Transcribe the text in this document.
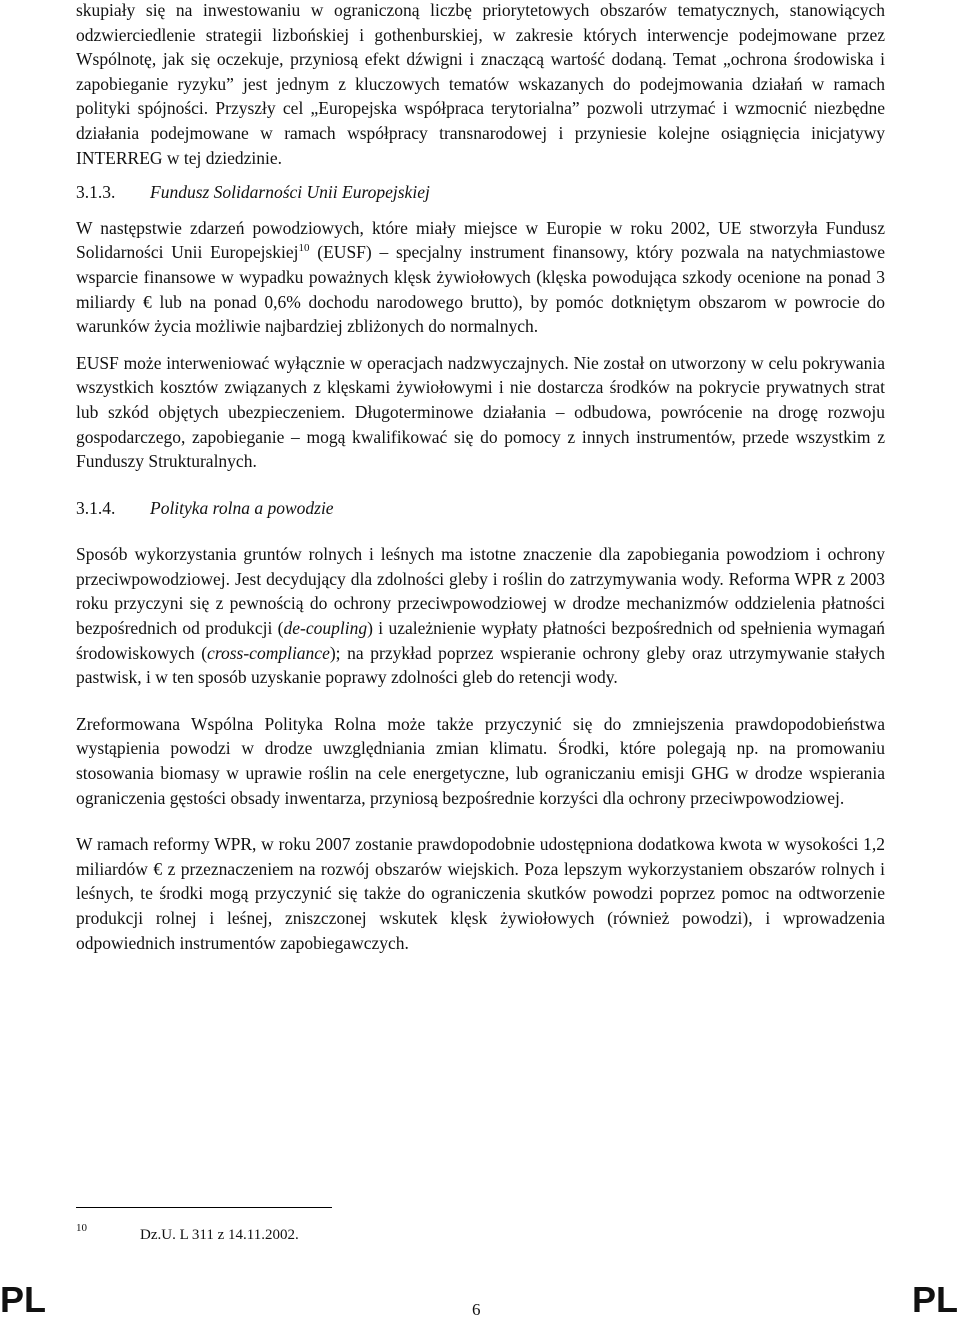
skupiały się na inwestowaniu w ograniczoną liczbę priorytetowych obszarów tematycznych, stanowiących odzwierciedlenie strategii lizbońskiej i gothenburskiej, w zakresie których interwencje podejmowane przez Wspólnotę, jak się oczekuje, przyniosą efekt dźwigni i znaczącą wartość dodaną. Temat „ochrona środowiska i zapobieganie ryzyku” jest jednym z kluczowych tematów wskazanych do podejmowania działań w ramach polityki spójności. Przyszły cel „Europejska współpraca terytorialna” pozwoli utrzymać i wzmocnić niezbędne działania podejmowane w ramach współpracy transnarodowej i przyniesie kolejne osiągnięcia inicjatywy INTERREG w tej dziedzinie.

3.1.3. Fundusz Solidarności Unii Europejskiej

W następstwie zdarzeń powodziowych, które miały miejsce w Europie w roku 2002, UE stworzyła Fundusz Solidarności Unii Europejskiej$^{10}$ (EUSF) – specjalny instrument finansowy, który pozwala na natychmiastowe wsparcie finansowe w wypadku poważnych klęsk żywiołowych (klęska powodująca szkody ocenione na ponad 3 miliardy € lub na ponad 0,6% dochodu narodowego brutto), by pomóc dotkniętym obszarom w powrocie do warunków życia możliwie najbardziej zbliżonych do normalnych.

EUSF może interweniować wyłącznie w operacjach nadzwyczajnych. Nie został on utworzony w celu pokrywania wszystkich kosztów związanych z klęskami żywiołowymi i nie dostarcza środków na pokrycie prywatnych strat lub szkód objętych ubezpieczeniem. Długoterminowe działania – odbudowa, powrócenie na drogę rozwoju gospodarczego, zapobieganie – mogą kwalifikować się do pomocy z innych instrumentów, przede wszystkim z Funduszy Strukturalnych.

3.1.4. Polityka rolna a powodzie

Sposób wykorzystania gruntów rolnych i leśnych ma istotne znaczenie dla zapobiegania powodziom i ochrony przeciwpowodziowej. Jest decydujący dla zdolności gleby i roślin do zatrzymywania wody. Reforma WPR z 2003 roku przyczyni się z pewnością do ochrony przeciwpowodziowej w drodze mechanizmów oddzielenia płatności bezpośrednich od produkcji (de-coupling) i uzależnienie wypłaty płatności bezpośrednich od spełnienia wymagań środowiskowych (cross-compliance); na przykład poprzez wspieranie ochrony gleby oraz utrzymywanie stałych pastwisk, i w ten sposób uzyskanie poprawy zdolności gleb do retencji wody.

Zreformowana Wspólna Polityka Rolna może także przyczynić się do zmniejszenia prawdopodobieństwa wystąpienia powodzi w drodze uwzględniania zmian klimatu. Środki, które polegają np. na promowaniu stosowania biomasy w uprawie roślin na cele energetyczne, lub ograniczaniu emisji GHG w drodze wspierania ograniczenia gęstości obsady inwentarza, przyniosą bezpośrednie korzyści dla ochrony przeciwpowodziowej.

W ramach reformy WPR, w roku 2007 zostanie prawdopodobnie udostępniona dodatkowa kwota w wysokości 1,2 miliardów € z przeznaczeniem na rozwój obszarów wiejskich. Poza lepszym wykorzystaniem obszarów rolnych i leśnych, te środki mogą przyczynić się także do ograniczenia skutków powodzi poprzez pomoc na odtworzenie produkcji rolnej i leśnej, zniszczonej wskutek klęsk żywiołowych (również powodzi), i wprowadzenia odpowiednich instrumentów zapobiegawczych.

10	Dz.U. L 311 z 14.11.2002.
PL	6	PL
